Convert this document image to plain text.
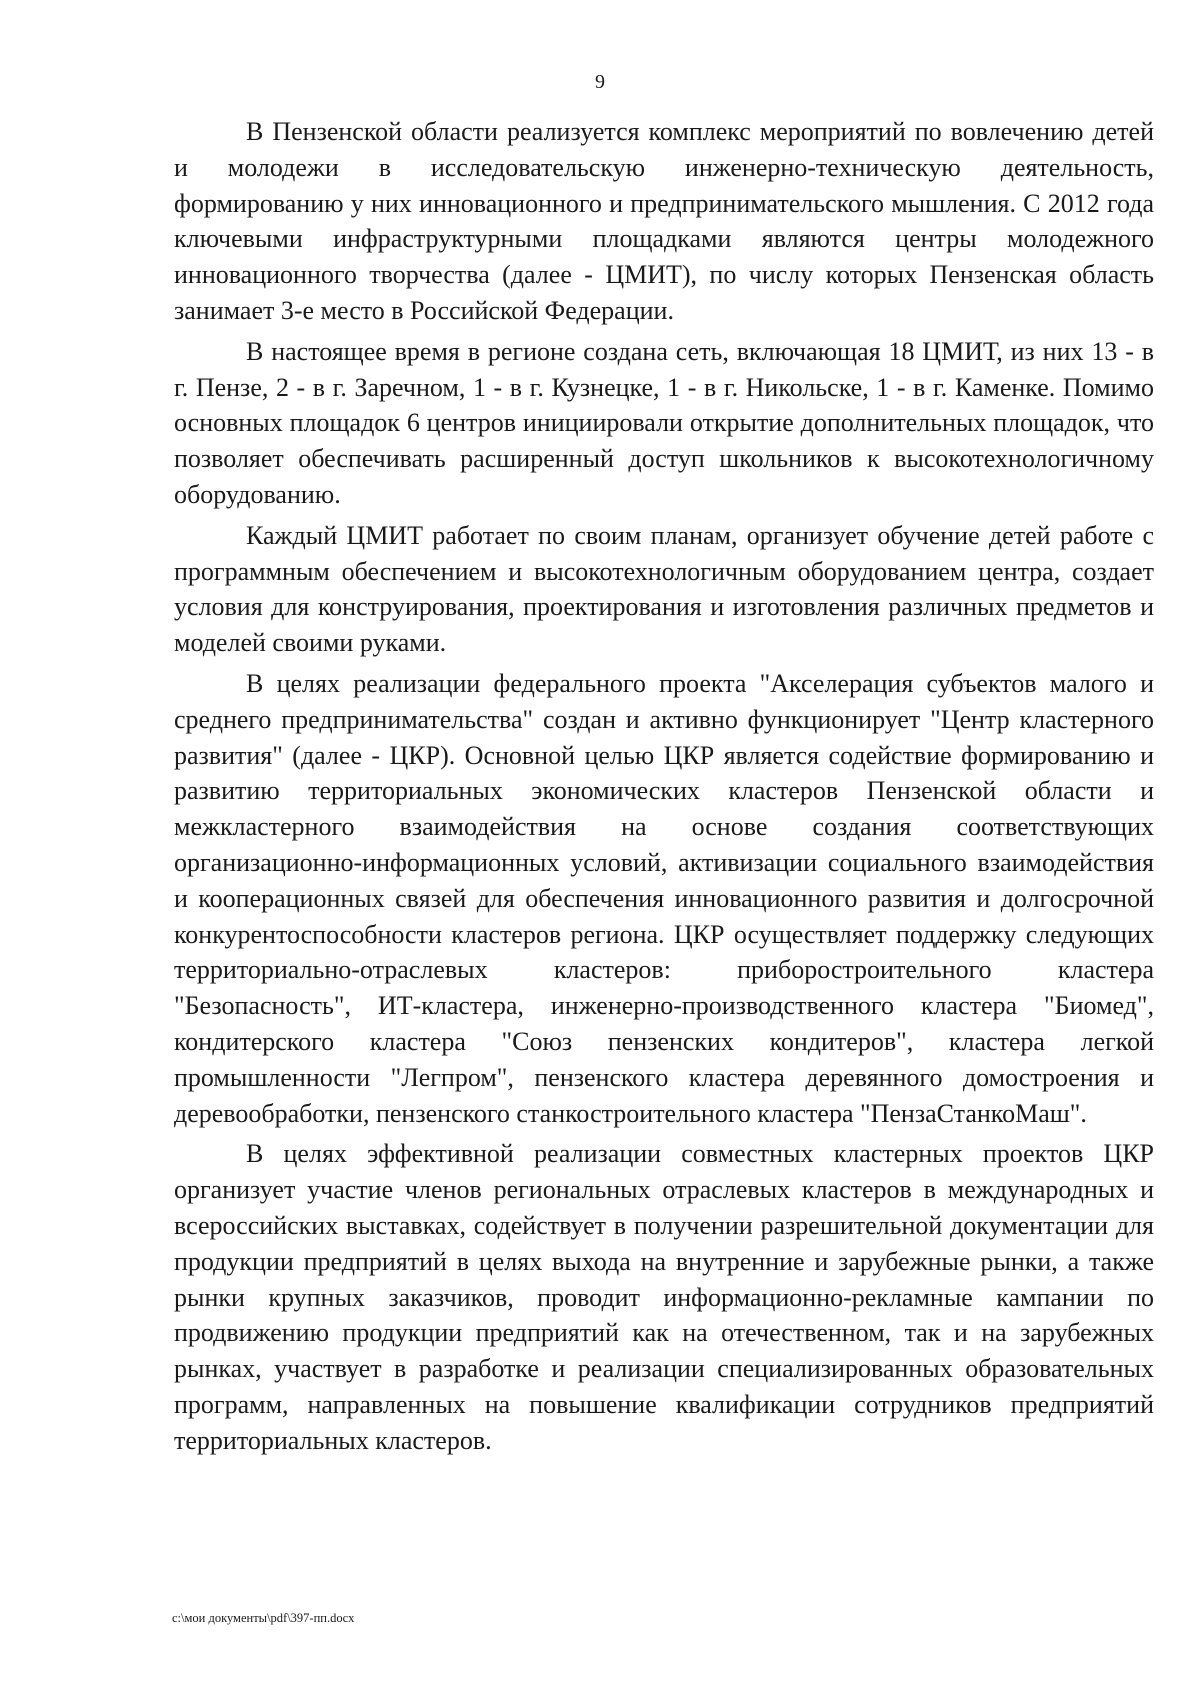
9

В Пензенской области реализуется комплекс мероприятий по вовлечению детей и молодежи в исследовательскую инженерно-техническую деятельность, формированию у них инновационного и предпринимательского мышления. С 2012 года ключевыми инфраструктурными площадками являются центры молодежного инновационного творчества (далее - ЦМИТ), по числу которых Пензенская область занимает 3-е место в Российской Федерации.

В настоящее время в регионе создана сеть, включающая 18 ЦМИТ, из них 13 - в г. Пензе, 2 - в г. Заречном, 1 - в г. Кузнецке, 1 - в г. Никольске, 1 - в г. Каменке. Помимо основных площадок 6 центров инициировали открытие дополнительных площадок, что позволяет обеспечивать расширенный доступ школьников к высокотехнологичному оборудованию.

Каждый ЦМИТ работает по своим планам, организует обучение детей работе с программным обеспечением и высокотехнологичным оборудованием центра, создает условия для конструирования, проектирования и изготовления различных предметов и моделей своими руками.

В целях реализации федерального проекта "Акселерация субъектов малого и среднего предпринимательства" создан и активно функционирует "Центр кластерного развития" (далее - ЦКР). Основной целью ЦКР является содействие формированию и развитию территориальных экономических кластеров Пензенской области и межкластерного взаимодействия на основе создания соответствующих организационно-информационных условий, активизации социального взаимодействия и кооперационных связей для обеспечения инновационного развития и долгосрочной конкурентоспособности кластеров региона. ЦКР осуществляет поддержку следующих территориально-отраслевых кластеров: приборостроительного кластера "Безопасность", ИТ-кластера, инженерно-производственного кластера "Биомед", кондитерского кластера "Союз пензенских кондитеров", кластера легкой промышленности "Легпром", пензенского кластера деревянного домостроения и деревообработки, пензенского станкостроительного кластера "ПензаСтанкоМаш".

В целях эффективной реализации совместных кластерных проектов ЦКР организует участие членов региональных отраслевых кластеров в международных и всероссийских выставках, содействует в получении разрешительной документации для продукции предприятий в целях выхода на внутренние и зарубежные рынки, а также рынки крупных заказчиков, проводит информационно-рекламные кампании по продвижению продукции предприятий как на отечественном, так и на зарубежных рынках, участвует в разработке и реализации специализированных образовательных программ, направленных на повышение квалификации сотрудников предприятий территориальных кластеров.

c:\мои документы\pdf\397-пп.docx
